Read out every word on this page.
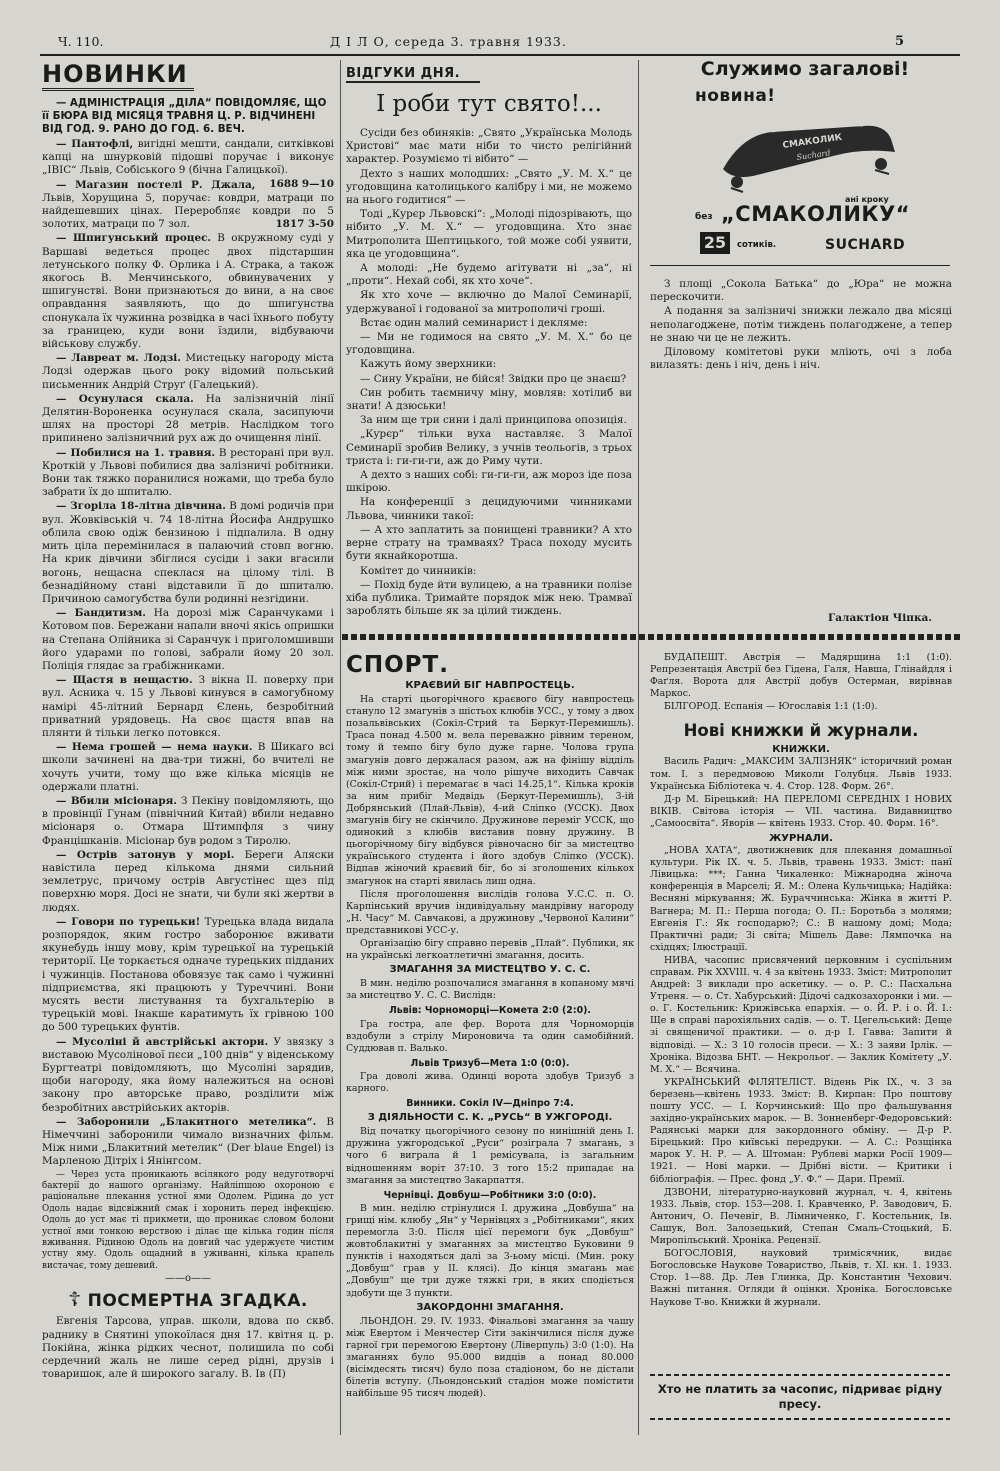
Ч. 110.	Д І Л О, середа 3. травня 1933.	5
НОВИНКИ

— АДМІНІСТРАЦІЯ „ДІЛА“ ПОВІДОМЛЯЄ, ЩО її БЮРА ВІД МІСЯЦЯ ТРАВНЯ Ц. Р. ВІДЧИНЕНІ ВІД ГОД. 9. РАНО ДО ГОД. 6. ВЕЧ.

— Пантофлі, вигідні мешти, сандали, ситківкові капці на шнурковій підошві поручає і виконує „ІВІС“ Львів, Собіського 9 (бічна Галицької).
1688 9—10

— Магазин постелі Р. Джала, Львів, Хорущина 5, поручає: ковдри, матраци по найдешевших цінах. Переробляє ковдри по 5 золотих, матраци по 7 зол.	1817 3-50

— Шпигунський процес. В окружному суді у Варшаві ведеться процес двох підстаршин летунського полку Ф. Орлика і А. Страка, а також якогось В. Менчинського, обвинувачених у шпигунстві. Вони признаються до вини, а на своє оправдання заявляють, що до шпигунства спонукала їх чужинна розвідка в часі їхнього побуту за границею, куди вони їздили, відбуваючи військову службу.

— Лавреат м. Лодзі. Мистецьку нагороду міста Лодзі одержав цього року відомий польський письменник Андрій Струґ (Галецький).

— Осунулася скала. На залізничній лінії Делятин-Вороненка осунулася скала, засипуючи шлях на просторі 28 метрів. Наслідком того припинено залізничний рух аж до очищення лінії.

— Побилися на 1. травня. В ресторані при вул. Кроткій у Львові побилися два залізничі робітники. Вони так тяжко поранилися ножами, що треба було забрати їх до шпиталю.

— Згоріла 18-літна дівчина. В домі родичів при вул. Жовківській ч. 74 18-літна Йосифа Андрушко облила свою одіж бензиною і підпалила. В одну мить ціла перемінилася в палаючий стовп вогню. На крик дівчини збіглися сусіди і заки вгасили вогонь, нещасна спеклася на цілому тілі. В безнадійному стані відставили її до шпиталю. Причиною самогубства були родинні незгідини.

— Бандитизм. На дорозі між Саранчуками і Котовом пов. Бережани напали вночі якісь опришки на Степана Олійника зі Саранчук і приголомшивши його ударами по голові, забрали йому 20 зол. Поліція глядає за грабіжниками.

— Щастя в нещастю. З вікна ІІ. поверху при вул. Асника ч. 15 у Львові кинувся в самогубному намірі 45-літний Бернард Єлень, безробітний приватний урядовець. На своє щастя впав на плянти й тільки легко потовкся.

— Нема грошей — нема науки. В Шикаго всі школи зачинені на два-три тижні, бо вчителі не хочуть учити, тому що вже кілька місяців не одержали платні.

— Вбили місіонаря. З Пекіну повідомляють, що в провінції Гунам (північний Китай) вбили недавно місіонаря о. Отмара Штимпфля з чину Францішканів. Місіонар був родом з Тиролю.

— Острів затонув у морі. Береги Аляски навістила перед кількома днями сильний землетрус, причому острів Августінес щез під поверхню моря. Досі не знати, чи були які жертви в людях.

— Говори по турецьки! Турецька влада видала розпорядок, яким гостро заборонює вживати якунебудь іншу мову, крім турецької на турецькій території. Це торкається одначе турецьких підданих і чужинців. Постанова обовязує так само і чужинні підприємства, які працюють у Туреччині. Вони мусять вести листування та бухгальтерію в турецькій мові. Інакше каратимуть їх грівною 100 до 500 турецьких фунтів.

— Мусоліні й австрійські актори. У звязку з виставою Мусолінової пєси „100 днів“ у віденському Бургтеатрі повідомляють, що Мусоліні зарядив, щоби нагороду, яка йому належиться на основі закону про авторське право, розділити між безробітних австрійських акторів.

— Заборонили „Блакитного метелика“. В Німеччині заборонили чимало визначних фільм. Між ними „Блакитний метелик“ (Der blaue Engel) із Марленою Дітріх і Янінгсом.

— Через уста проникають всілякого роду недуготворчі бактерії до нашого організму. Найліпшою охороною є раціональне плекання устної ями Одолем. Рідина до уст Одоль надає відсвіжний смак і хоронить перед інфекцією. Одоль до уст має ті прикмети, що проникає словом болони устної ями тонкою верствою і ділає ще кілька годин після вживання. Рідиною Одоль на довгий час удержуєте чистим устну яму. Одоль ощадний в уживанні, кілька крапель вистачає, тому дешевий.

——o——
☦ ПОСМЕРТНА ЗГАДКА.

Евгенія Тарсова, управ. школи, вдова по сквб. раднику в Снятині упокоїлася дня 17. квітня ц. р. Покійна, жінка рідких чеснот, полишила по собі сердечний жаль не лише серед рідні, друзів і товаришок, але й широкого загалу. В. Ів (П)

ВІДГУКИ ДНЯ.
І роби тут свято!...

Сусіди без обиняків: „Свято „Українська Молодь Христові“ має мати ніби то чисто релігійний характер. Розуміємо ті вібито“ —

Дехто з наших молодших: „Свято „У. М. Х.“ це угодовщина католицького калібру і ми, не можемо на нього годитися“ —

Тоді „Курєр Львовскі“: „Молоді підозрівають, що нібито „У. М. Х.“ — угодовщина. Хто знає Митрополита Шептицького, той може собі уявити, яка це угодовщина“.

А молоді: „Не будемо агітувати ні „за“, ні „проти“. Нехай собі, як хто хоче“.

Як хто хоче — включно до Малої Семинарії, удержуваної і годованої за митрополичі гроші.

Встає один малий семинарист і декляме:

— Ми не годимося на свято „У. М. Х.“ бо це угодовщина.

Кажуть йому зверхники:

— Сину України, не бійся! Звідки про це знаєш?

Син робить таємничу міну, мовляв: хотілиб ви знати! А дзюськи!

За ним ще три сини і далі принципова опозиція.

„Курєр“ тільки вуха наставляє. З Малої Семинарії зробив Велику, з учнів теольогів, з трьох триста і: ги-ги-ги, аж до Риму чути.

А дехто з наших собі: ги-ги-ги, аж мороз іде поза шкірою.

На конференції з децидуючими чинниками Львова, чинники такої:

— А хто заплатить за понищені травники? А хто верне страту на трамваях? Траса походу мусить бути якнайкоротша.

Комітет до чинників:

— Похід буде йти вулицею, а на травники полізе хіба публика. Тримайте порядок між нею. Трамваї зароблять більше як за цілий тиждень.

Служимо загалові!
новина!
СМАКОЛИК
Suchard
ані кроку
без „СМАКОЛИКУ“
25	сотиків.	SUCHARD

З площі „Сокола Батька“ до „Юра“ не можна перескочити.

А подання за залізничі знижки лежало два місяці неполагоджене, потім тиждень полагоджене, а тепер не знаю чи це не лежить.

Діловому комітетові руки мліють, очі з лоба вилазять: день і ніч, день і ніч.

Галактіон Чіпка.
СПОРТ.
КРАЄВИЙ БІГ НАВПРОСТЕЦЬ.

На старті цьогорічного краєвого бігу навпростець стануло 12 змагунів з шістьох клюбів УСС., у тому з двох позальвівських (Сокіл-Стрий та Беркут-Перемишль). Траса понад 4.500 м. вела переважно рівним тереном, тому й темпо бігу було дуже гарне. Чолова група змагунів довго держалася разом, аж на фінішу відділь між ними зростає, на чоло рішуче виходить Савчак (Сокіл-Стрий) і перемагає в часі 14.25,1“. Кілька кроків за ним прибіг Медвідь (Беркут-Перемишль), 3-ій Добрянський (Плай-Львів), 4-ий Сліпко (УССК). Двох змагунів бігу не скінчило. Дружинове переміг УССК, що одинокий з клюбів виставив повну дружину. В цьогорічному бігу відбувся рівночасно біг за мистецтво українського студента і його здобув Сліпко (УССК). Відпав жіночий краєвий біг, бо зі зголошених кількох змагунок на старті явилась лиш одна.

Після проголошення вислідів голова У.С.С. п. О. Карпінський вручив індивідуальну мандрівну нагороду „Н. Часу“ М. Савчакові, а дружинову „Червоної Калини“ представникові УСС-у.

Організацію бігу справно перевів „Плай“. Публики, як на українські легкоатлетичні змагання, досить.

ЗМАГАННЯ ЗА МИСТЕЦТВО У. С. С.

В мин. неділю розпочалися змагання в копаному мячі за мистецтво У. С. С. Вислідн:

Львів: Чорноморці—Комета 2:0 (2:0).

Гра гостра, але фер. Ворота для Чорноморців вздобули з стрілу Мироновича та один самобійний. Суддював п. Валько.

Львів Тризуб—Мета 1:0 (0:0).

Гра доволі жива. Одинці ворота здобув Тризуб з карного.

Винники. Сокіл IV—Дніпро 7:4.
З ДІЯЛЬНОСТИ С. К. „РУСЬ“ В УЖГОРОДІ.

Від початку цьогорічного сезону по нинішній день I. дружина ужгородської „Руси“ розіграла 7 змагань, з чого 6 виграла й 1 ремісувала, із загальним відношенням воріт 37:10. З того 15:2 припадає на змагання за мистецтво Закарпаття.

Чернівці. Довбуш—Робітники 3:0 (0:0).

В мин. неділю стрінулися I. дружина „Довбуша“ на грищі нім. клюбу „Ян“ у Чернівцях з „Робітниками“, яких перемогла 3:0. Після цієї перемоги бук „Довбуш“ жовтоблакитні у змаганнях за мистецтво Буковини 9 пунктів і находяться далі за 3-ьому місці. (Мин. року „Довбуш“ грав у ІІ. клясі). До кінця змагань має „Довбуш“ ще три дуже тяжкі гри, в яких сподіється здобути ще 3 пункти.

ЗАКОРДОННІ ЗМАГАННЯ.

ЛЬОНДОН. 29. IV. 1933. Фінальові змагання за чашу між Евертом і Менчестер Сіти закінчилися після дуже гарної гри перемогою Евертону (Ліверпуль) 3:0 (1:0). На змаганнях було 95.000 видців а понад 80.000 (вісімдесять тисяч) було поза стадіоном, бо не дістали білетів вступу. (Льондонський стадіон може помістити найбільше 95 тисяч людей).

БУДАПЕШТ. Австрія — Мадярщина 1:1 (1:0). Репрезентація Австрії без Гідена, Галя, Навша, Глінайдля і Фаґля. Ворота для Австрії добув Остерман, вирівнав Маркос.

БІЛГОРОД. Еспанія — Югославія 1:1 (1:0).

Нові книжки й журнали.
КНИЖКИ.

Василь Радич: „МАКСИМ ЗАЛІЗНЯК“ історичний роман том. I. з передмовою Миколи Голубця. Львів 1933. Українська Бібліотека ч. 4. Стор. 128. Форм. 26°.

Д-р М. Бірецький: НА ПЕРЕЛОМІ СЕРЕДНІХ І НОВИХ ВІКІВ. Світова історія — VII. частина. Видавництво „Самоосвіта“. Яворів — квітень 1933. Стор. 40. Форм. 16°.

ЖУРНАЛИ.

„НОВА ХАТА“, двотижневик для плекання домашньої культури. Рік IX. ч. 5. Львів, травень 1933. Зміст: панї Лівицька: ***; Ганна Чикаленко: Міжнародна жіноча конференція в Марселі; Я. М.: Олена Кульчицька; Надійка: Весняні міркування; Ж. Бураччинська: Жінка в житті Р. Вагнера; М. П.: Перша погода; О. П.: Боротьба з молями; Евгенія Г.: Як господарю?; С.: В нашому домі; Мода; Практичні ради; Зі світа; Мішель Даве: Лямпочка на східцях; Ілюстрації.

НИВА, часопис присвячений церковним і суспільним справам. Рік XXVIII. ч. 4 за квітень 1933. Зміст: Митрополит Андрей: З виклади про аскетику. — о. Р. С.: Пасхальна Утреня. — о. Ст. Хабурський: Дідочі садкозахоронки і ми. — о. Г. Костельник: Крижівська епархія. — о. Й. Р. і о. Й. І.: Ще в справі парохіяльних садів. — о. Т. Цегельський: Деще зі священичої практики. — о. д-р І. Гавва: Запити й відповіді. — Х.: З 10 голосів преси. — Х.: З заяви Ірлік. — Хроніка. Відозва БНТ. — Некрольоґ. — Заклик Комітету „У. М. Х.“ — Всячина.

УКРАЇНСЬКИЙ ФІЛЯТЕЛІСТ. Відень Рік IX., ч. 3 за березень—квітень 1933. Зміст: В. Кирпан: Про поштову пошту УСС. — І. Корчинський: Що про фальшування західно-українських марок. — В. Зонненберг-Федоровський: Радянські марки для закордонного обміну. — Д-р Р. Бірецький: Про київські передруки. — А. С.: Розщінка марок У. Н. Р. — А. Штоман: Рублеві марки Росії 1909—1921. — Нові марки. — Дрібні вісти. — Критики і бібліографія. — Прес. фонд „У. Ф.“ — Дари. Премії.

ДЗВОНИ, літературно-науковий журнал, ч. 4, квітень 1933. Львів, стор. 153—208. І. Кравченко, Р. Заводович, Б. Антонич, О. Печеніг, В. Лімниченко, Г. Костельник, Ів. Сашук, Вол. Залозецький, Степан Смаль-Стоцький, Б. Миропільський. Хроніка. Рецензії.

БОГОСЛОВІЯ, науковий тримісячник, видає Богословське Наукове Товариство, Львів, т. XI. кн. 1. 1933. Стор. 1—88. Др. Лев Глинка, Др. Константин Чехович. Важні питання. Огляди й оцінки. Хроніка. Богословське Наукове Т-во. Книжки й журнали.

Хто не платить за часопис, підриває рідну пресу.
